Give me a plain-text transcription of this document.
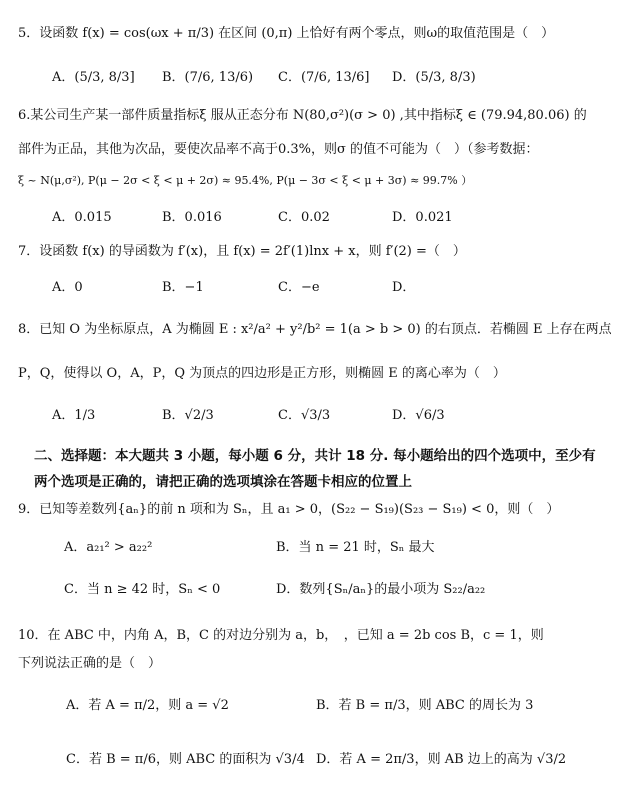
5．设函数 f(x) = cos(ωx + π/3) 在区间 (0,π) 上恰好有两个零点，则ω的取值范围是（　）
A．(5/3, 8/3] B．(7/6, 13/6) C．(7/6, 13/6] D．(5/3, 8/3)
6.某公司生产某一部件质量指标ξ 服从正态分布 N(80,σ²)(σ > 0) ,其中指标ξ ∈ (79.94,80.06) 的
部件为正品，其他为次品，要使次品率不高于0.3%，则σ 的值不可能为（　）（参考数据：
ξ ~ N(μ,σ²), P(μ − 2σ < ξ < μ + 2σ) ≈ 95.4%, P(μ − 3σ < ξ < μ + 3σ) ≈ 99.7% ）
A．0.015	B．0.016	C．0.02	D．0.021
7．设函数 f(x) 的导函数为 f′(x)，且 f(x) = 2f′(1)lnx + x，则 f′(2) =（　）
A．0	B．−1	C．−e	D．
8．已知 O 为坐标原点，A 为椭圆 E : x²/a² + y²/b² = 1(a > b > 0) 的右顶点．若椭圆 E 上存在两点
P，Q，使得以 O，A，P，Q 为顶点的四边形是正方形，则椭圆 E 的离心率为（　）
A．1/3	B．√2/3	C．√3/3	D．√6/3
二、选择题：本大题共 3 小题，每小题 6 分，共计 18 分. 每小题给出的四个选项中，至少有
两个选项是正确的，请把正确的选项填涂在答题卡相应的位置上
9．已知等差数列{aₙ}的前 n 项和为 Sₙ，且 a₁ > 0，(S₂₂ − S₁₉)(S₂₃ − S₁₉) < 0，则（　）
A．a₂₁² > a₂₂²	B．当 n = 21 时，Sₙ 最大
C．当 n ≥ 42 时，Sₙ < 0	D．数列{Sₙ/aₙ}的最小项为 S₂₂/a₂₂
10．在 ABC 中，内角 A，B，C 的对边分别为 a，b，　，已知 a = 2b cos B，c = 1，则
下列说法正确的是（　）
A．若 A = π/2，则 a = √2	B．若 B = π/3，则 ABC 的周长为 3
C．若 B = π/6，则 ABC 的面积为 √3/4 D．若 A = 2π/3，则 AB 边上的高为 √3/2
